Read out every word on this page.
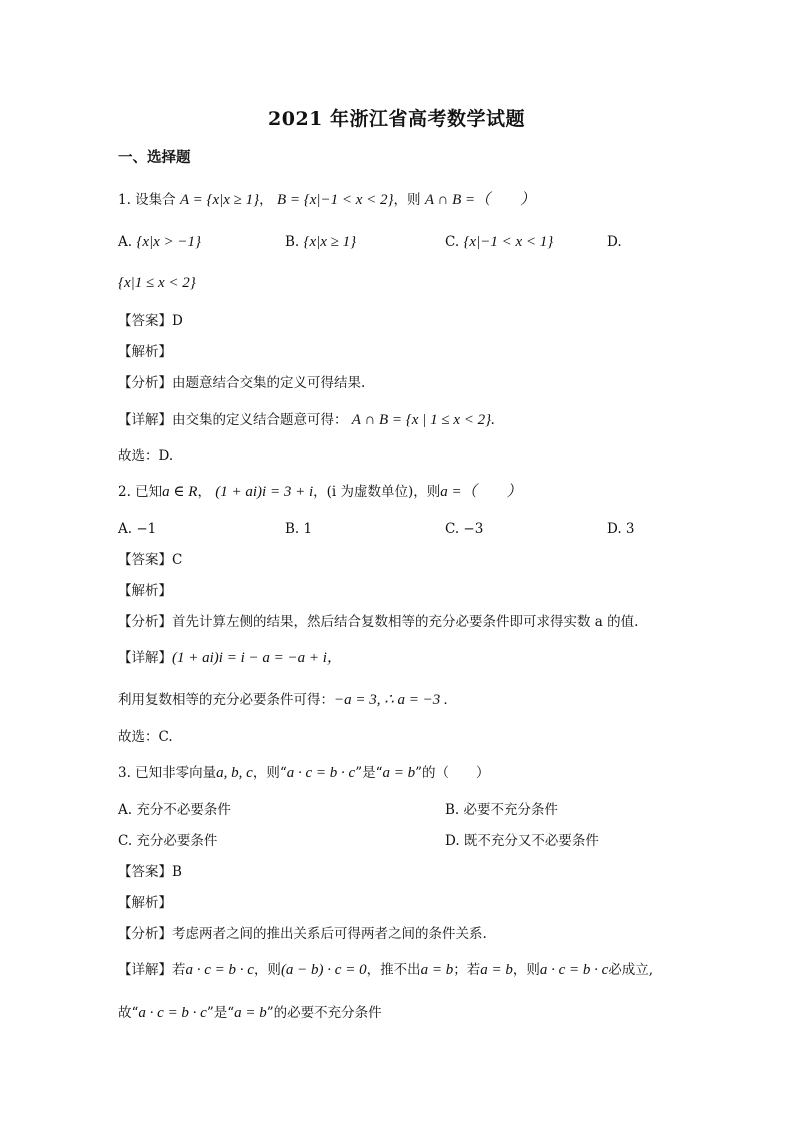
2021 年浙江省高考数学试题
一、选择题
1. 设集合 A = {x|x ≥ 1}， B = {x|−1 < x < 2}，则 A ∩ B =（　　）
A. {x|x > −1}	B. {x|x ≥ 1}	C. {x|−1 < x < 1}	D.
{x|1 ≤ x < 2}
【答案】D
【解析】
【分析】由题意结合交集的定义可得结果.
【详解】由交集的定义结合题意可得： A ∩ B = {x | 1 ≤ x < 2}.
故选：D.
2. 已知a ∈ R， (1 + ai)i = 3 + i，(i 为虚数单位)，则a =（　　）
A. −1	B. 1	C. −3	D. 3
【答案】C
【解析】
【分析】首先计算左侧的结果，然后结合复数相等的充分必要条件即可求得实数 a 的值.
【详解】(1 + ai)i = i − a = −a + i，
利用复数相等的充分必要条件可得：−a = 3, ∴ a = −3 .
故选：C.
3. 已知非零向量a, b, c，则“a · c = b · c”是“a = b”的（　　）
A. 充分不必要条件	B. 必要不充分条件
C. 充分必要条件	D. 既不充分又不必要条件
【答案】B
【解析】
【分析】考虑两者之间的推出关系后可得两者之间的条件关系.
【详解】若a · c = b · c，则(a − b) · c = 0，推不出a = b；若a = b，则a · c = b · c必成立,
故“a · c = b · c”是“a = b”的必要不充分条件
